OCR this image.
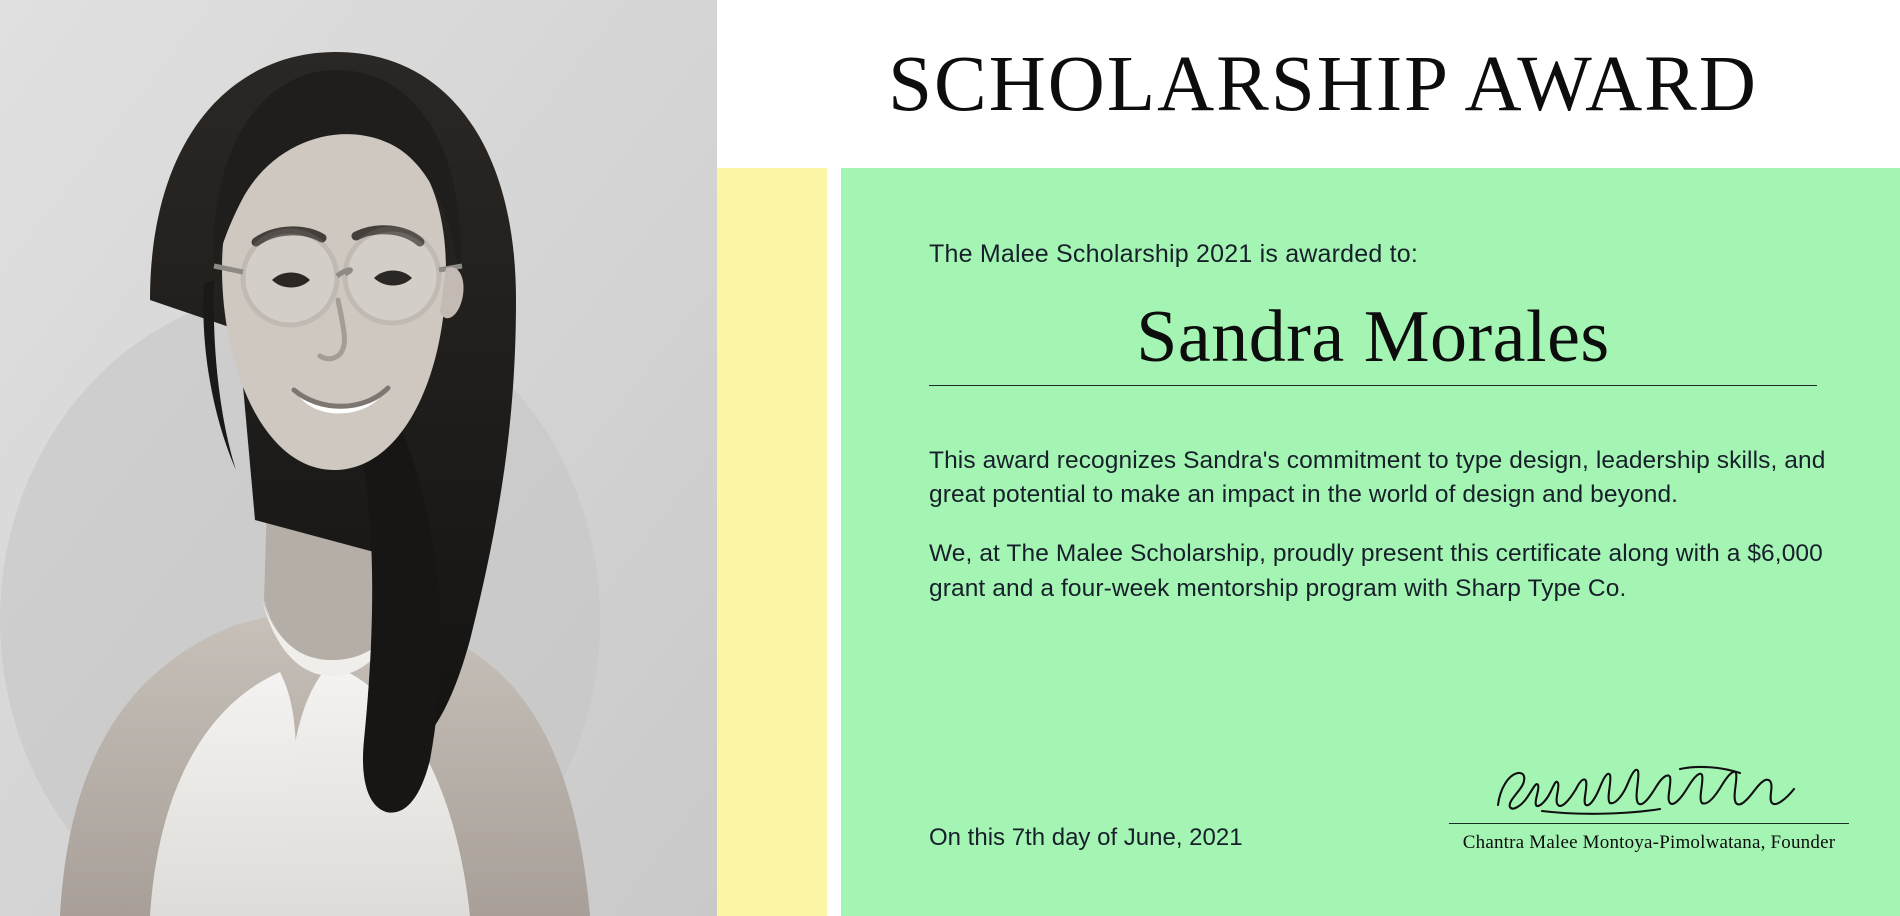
SCHOLARSHIP AWARD
The Malee Scholarship 2021 is awarded to:
Sandra Morales

This award recognizes Sandra's commitment to type design, leadership skills, and great potential to make an impact in the world of design and beyond.

We, at The Malee Scholarship, proudly present this certificate along with a $6,000 grant and a four-week mentorship program with Sharp Type Co.

On this 7th day of June, 2021	Chantra Malee Montoya-Pimolwatana, Founder
